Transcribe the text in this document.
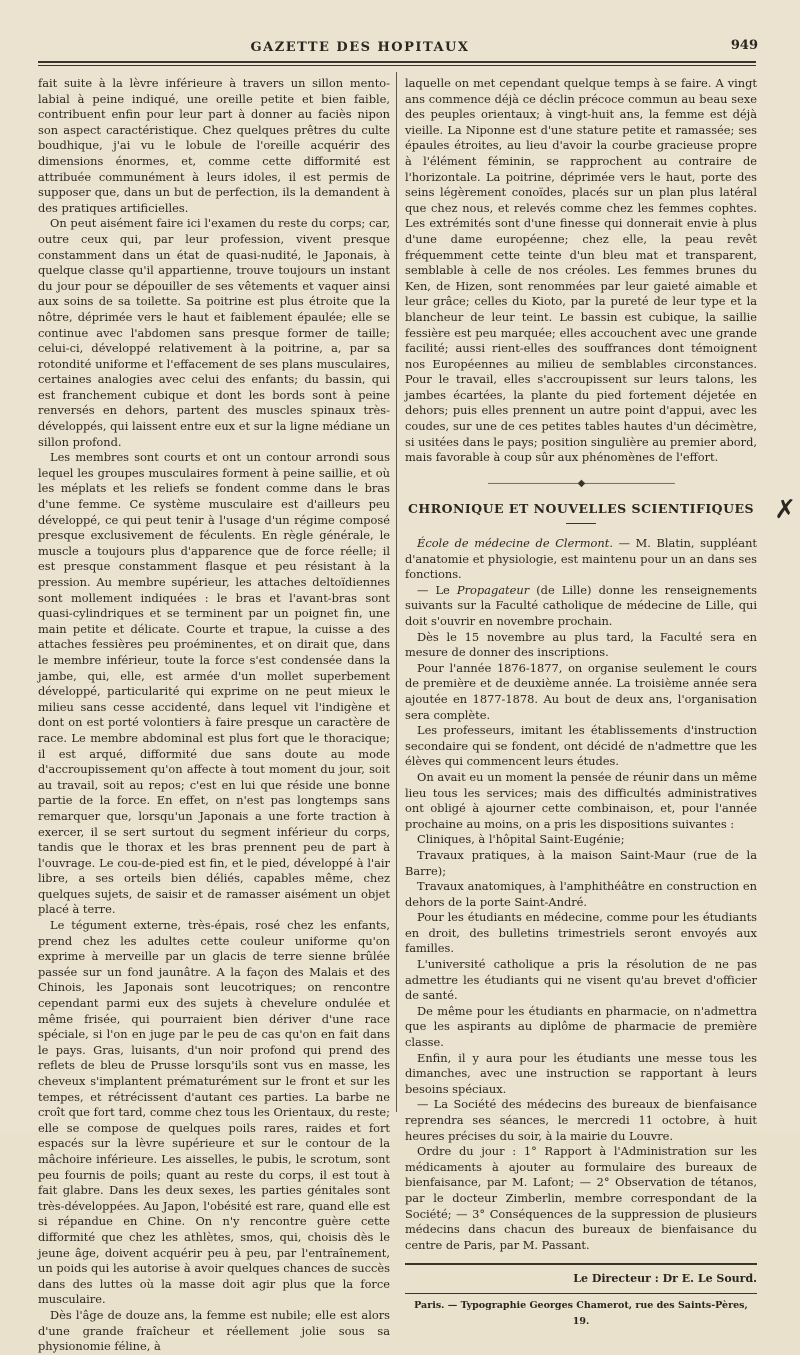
GAZETTE DES HOPITAUX	949

fait suite à la lèvre inférieure à travers un sillon mento-labial à peine indiqué, une oreille petite et bien faible, contribuent enfin pour leur part à donner au faciès nipon son aspect caractéristique. Chez quelques prêtres du culte boudhique, j'ai vu le lobule de l'oreille acquérir des dimensions énormes, et, comme cette difformité est attribuée communément à leurs idoles, il est permis de supposer que, dans un but de perfection, ils la demandent à des pratiques artificielles.

On peut aisément faire ici l'examen du reste du corps; car, outre ceux qui, par leur profession, vivent presque constamment dans un état de quasi-nudité, le Japonais, à quelque classe qu'il appartienne, trouve toujours un instant du jour pour se dépouiller de ses vêtements et vaquer ainsi aux soins de sa toilette. Sa poitrine est plus étroite que la nôtre, déprimée vers le haut et faiblement épaulée; elle se continue avec l'abdomen sans presque former de taille; celui-ci, développé relativement à la poitrine, a, par sa rotondité uniforme et l'effacement de ses plans musculaires, certaines analogies avec celui des enfants; du bassin, qui est franchement cubique et dont les bords sont à peine renversés en dehors, partent des muscles spinaux très-développés, qui laissent entre eux et sur la ligne médiane un sillon profond.

Les membres sont courts et ont un contour arrondi sous lequel les groupes musculaires forment à peine saillie, et où les méplats et les reliefs se fondent comme dans le bras d'une femme. Ce système musculaire est d'ailleurs peu développé, ce qui peut tenir à l'usage d'un régime composé presque exclusivement de féculents. En règle générale, le muscle a toujours plus d'apparence que de force réelle; il est presque constamment flasque et peu résistant à la pression. Au membre supérieur, les attaches deltoïdiennes sont mollement indiquées : le bras et l'avant-bras sont quasi-cylindriques et se terminent par un poignet fin, une main petite et délicate. Courte et trapue, la cuisse a des attaches fessières peu proéminentes, et on dirait que, dans le membre inférieur, toute la force s'est condensée dans la jambe, qui, elle, est armée d'un mollet superbement développé, particularité qui exprime on ne peut mieux le milieu sans cesse accidenté, dans lequel vit l'indigène et dont on est porté volontiers à faire presque un caractère de race. Le membre abdominal est plus fort que le thoracique; il est arqué, difformité due sans doute au mode d'accroupissement qu'on affecte à tout moment du jour, soit au travail, soit au repos; c'est en lui que réside une bonne partie de la force. En effet, on n'est pas longtemps sans remarquer que, lorsqu'un Japonais a une forte traction à exercer, il se sert surtout du segment inférieur du corps, tandis que le thorax et les bras prennent peu de part à l'ouvrage. Le cou-de-pied est fin, et le pied, développé à l'air libre, a ses orteils bien déliés, capables même, chez quelques sujets, de saisir et de ramasser aisément un objet placé à terre.

Le tégument externe, très-épais, rosé chez les enfants, prend chez les adultes cette couleur uniforme qu'on exprime à merveille par un glacis de terre sienne brûlée passée sur un fond jaunâtre. A la façon des Malais et des Chinois, les Japonais sont leucotriques; on rencontre cependant parmi eux des sujets à chevelure ondulée et même frisée, qui pourraient bien dériver d'une race spéciale, si l'on en juge par le peu de cas qu'on en fait dans le pays. Gras, luisants, d'un noir profond qui prend des reflets de bleu de Prusse lorsqu'ils sont vus en masse, les cheveux s'implantent prématurément sur le front et sur les tempes, et rétrécissent d'autant ces parties. La barbe ne croît que fort tard, comme chez tous les Orientaux, du reste; elle se compose de quelques poils rares, raides et fort espacés sur la lèvre supérieure et sur le contour de la mâchoire inférieure. Les aisselles, le pubis, le scrotum, sont peu fournis de poils; quant au reste du corps, il est tout à fait glabre. Dans les deux sexes, les parties génitales sont très-développées. Au Japon, l'obésité est rare, quand elle est si répandue en Chine. On n'y rencontre guère cette difformité que chez les athlètes, smos, qui, choisis dès le jeune âge, doivent acquérir peu à peu, par l'entraînement, un poids qui les autorise à avoir quelques chances de succès dans des luttes où la masse doit agir plus que la force musculaire.

Dès l'âge de douze ans, la femme est nubile; elle est alors d'une grande fraîcheur et réellement jolie sous sa physionomie féline, à

laquelle on met cependant quelque temps à se faire. A vingt ans commence déjà ce déclin précoce commun au beau sexe des peuples orientaux; à vingt-huit ans, la femme est déjà vieille. La Niponne est d'une stature petite et ramassée; ses épaules étroites, au lieu d'avoir la courbe gracieuse propre à l'élément féminin, se rapprochent au contraire de l'horizontale. La poitrine, déprimée vers le haut, porte des seins légèrement conoïdes, placés sur un plan plus latéral que chez nous, et relevés comme chez les femmes cophtes. Les extrémités sont d'une finesse qui donnerait envie à plus d'une dame européenne; chez elle, la peau revêt fréquemment cette teinte d'un bleu mat et transparent, semblable à celle de nos créoles. Les femmes brunes du Ken, de Hizen, sont renommées par leur gaieté aimable et leur grâce; celles du Kioto, par la pureté de leur type et la blancheur de leur teint. Le bassin est cubique, la saillie fessière est peu marquée; elles accouchent avec une grande facilité; aussi rient-elles des souffrances dont témoignent nos Européennes au milieu de semblables circonstances. Pour le travail, elles s'accroupissent sur leurs talons, les jambes écartées, la plante du pied fortement déjetée en dehors; puis elles prennent un autre point d'appui, avec les coudes, sur une de ces petites tables hautes d'un décimètre, si usitées dans le pays; position singulière au premier abord, mais favorable à coup sûr aux phénomènes de l'effort.

——————————◆——————————
CHRONIQUE ET NOUVELLES SCIENTIFIQUES

École de médecine de Clermont. — M. Blatin, suppléant d'anatomie et physiologie, est maintenu pour un an dans ses fonctions.

— Le Propagateur (de Lille) donne les renseignements suivants sur la Faculté catholique de médecine de Lille, qui doit s'ouvrir en novembre prochain.

Dès le 15 novembre au plus tard, la Faculté sera en mesure de donner des inscriptions.

Pour l'année 1876-1877, on organise seulement le cours de première et de deuxième année. La troisième année sera ajoutée en 1877-1878. Au bout de deux ans, l'organisation sera complète.

Les professeurs, imitant les établissements d'instruction secondaire qui se fondent, ont décidé de n'admettre que les élèves qui commencent leurs études.

On avait eu un moment la pensée de réunir dans un même lieu tous les services; mais des difficultés administratives ont obligé à ajourner cette combinaison, et, pour l'année prochaine au moins, on a pris les dispositions suivantes :

Cliniques, à l'hôpital Saint-Eugénie;

Travaux pratiques, à la maison Saint-Maur (rue de la Barre);

Travaux anatomiques, à l'amphithéâtre en construction en dehors de la porte Saint-André.

Pour les étudiants en médecine, comme pour les étudiants en droit, des bulletins trimestriels seront envoyés aux familles.

L'université catholique a pris la résolution de ne pas admettre les étudiants qui ne visent qu'au brevet d'officier de santé.

De même pour les étudiants en pharmacie, on n'admettra que les aspirants au diplôme de pharmacie de première classe.

Enfin, il y aura pour les étudiants une messe tous les dimanches, avec une instruction se rapportant à leurs besoins spéciaux.

— La Société des médecins des bureaux de bienfaisance reprendra ses séances, le mercredi 11 octobre, à huit heures précises du soir, à la mairie du Louvre.

Ordre du jour : 1° Rapport à l'Administration sur les médicaments à ajouter au formulaire des bureaux de bienfaisance, par M. Lafont; — 2° Observation de tétanos, par le docteur Zimberlin, membre correspondant de la Société; — 3° Conséquences de la suppression de plusieurs médecins dans chacun des bureaux de bienfaisance du centre de Paris, par M. Passant.

Le Directeur : Dr E. Le Sourd.
Paris. — Typographie Georges Chamerot, rue des Saints-Pères, 19.
✗
